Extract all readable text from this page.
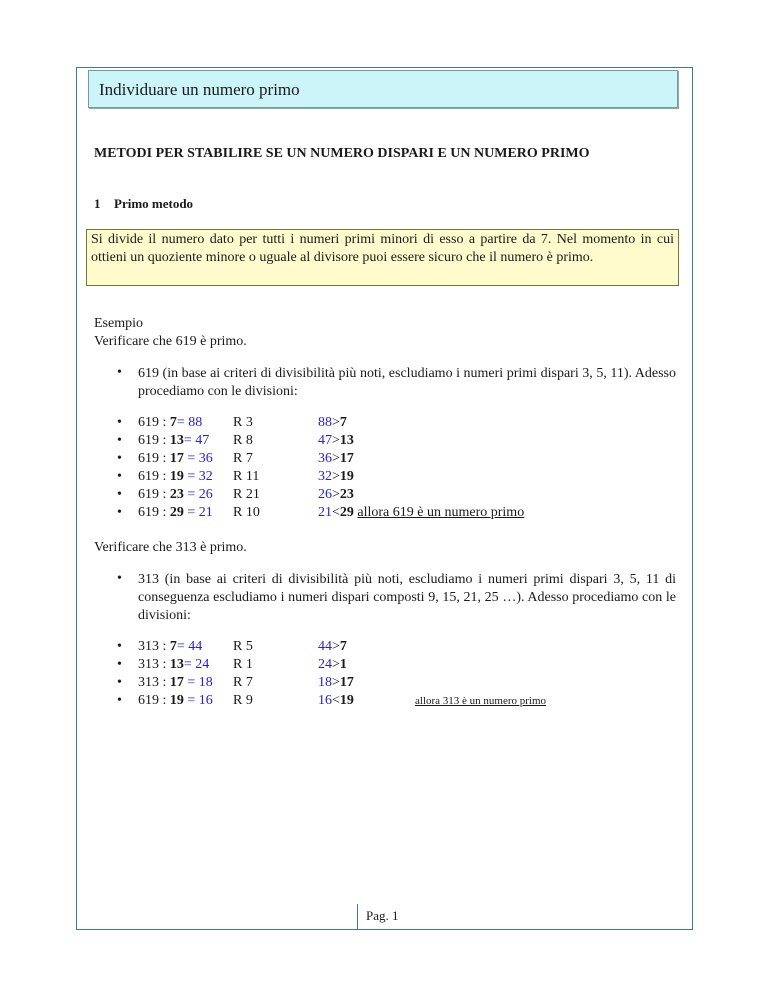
Individuare un numero primo
METODI PER STABILIRE SE UN NUMERO DISPARI E UN NUMERO PRIMO
1 Primo metodo
Si divide il numero dato per tutti i numeri primi minori di esso a partire da 7. Nel momento in cui ottieni un quoziente minore o uguale al divisore puoi essere sicuro che il numero è primo.
Esempio
Verificare che 619 è primo.
• 619 (in base ai criteri di divisibilità più noti, escludiamo i numeri primi dispari 3, 5, 11). Adesso procediamo con le divisioni:
• 619 : 7= 88 R 3	88>7
• 619 : 13= 47 R 8	47>13
• 619 : 17 = 36 R 7	36>17
• 619 : 19 = 32 R 11	32>19
• 619 : 23 = 26 R 21	26>23
• 619 : 29 = 21 R 10	21<29 allora 619 è un numero primo
Verificare che 313 è primo.
• 313 (in base ai criteri di divisibilità più noti, escludiamo i numeri primi dispari 3, 5, 11 di conseguenza escludiamo i numeri dispari composti 9, 15, 21, 25 …). Adesso procediamo con le divisioni:
• 313 : 7= 44 R 5	44>7
• 313 : 13= 24 R 1	24>1
• 313 : 17 = 18 R 7	18>17
• 619 : 19 = 16 R 9	16<19	allora 313 è un numero primo
Pag. 1
